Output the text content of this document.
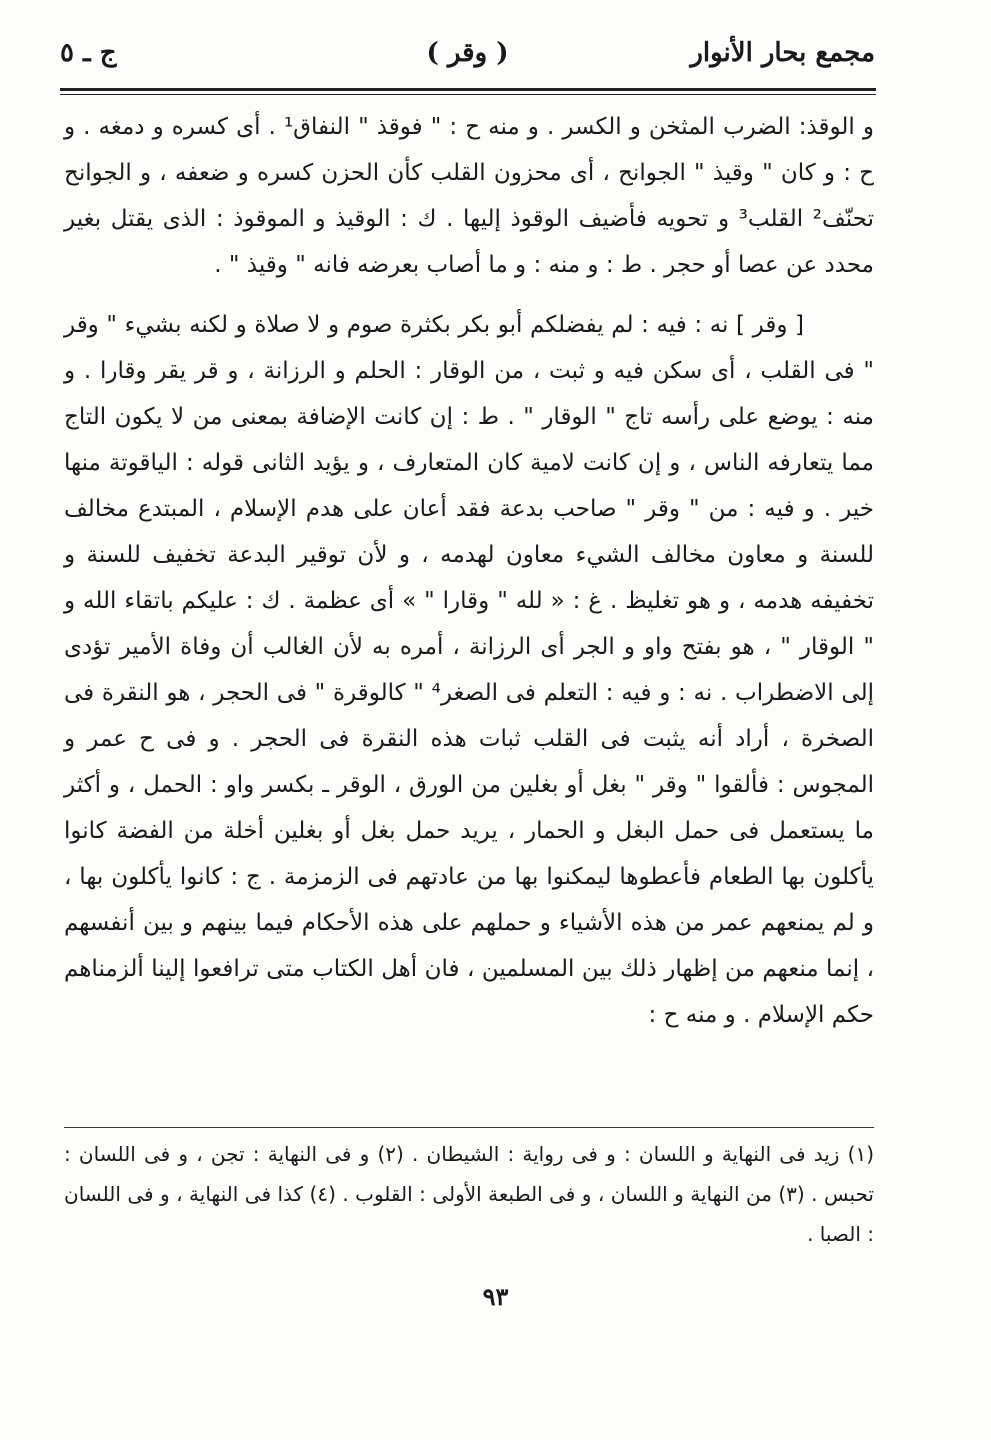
مجمع بحار الأنوار
( وقر )
ج ـ ٥

و الوقذ: الضرب المثخن و الكسر . و منه ح : " فوقذ " النفاق¹ . أى كسره و دمغه . و ح : و كان " وقيذ " الجوانح ، أى محزون القلب كأن الحزن كسره و ضعفه ، و الجوانح تحنّف² القلب³ و تحويه فأضيف الوقوذ إليها . ك : الوقيذ و الموقوذ : الذى يقتل بغير محدد عن عصا أو حجر . ط : و منه : و ما أصاب بعرضه فانه " وقيذ " .

[ وقر ] نه : فيه : لم يفضلكم أبو بكر بكثرة صوم و لا صلاة و لكنه بشيء " وقر " فى القلب ، أى سكن فيه و ثبت ، من الوقار : الحلم و الرزانة ، و قر يقر وقارا . و منه : يوضع على رأسه تاج " الوقار " . ط : إن كانت الإضافة بمعنى من لا يكون التاج مما يتعارفه الناس ، و إن كانت لامية كان المتعارف ، و يؤيد الثانى قوله : الياقوتة منها خير . و فيه : من " وقر " صاحب بدعة فقد أعان على هدم الإسلام ، المبتدع مخالف للسنة و معاون مخالف الشيء معاون لهدمه ، و لأن توقير البدعة تخفيف للسنة و تخفيفه هدمه ، و هو تغليظ . غ : « لله " وقارا " » أى عظمة . ك : عليكم باتقاء الله و " الوقار " ، هو بفتح واو و الجر أى الرزانة ، أمره به لأن الغالب أن وفاة الأمير تؤدى إلى الاضطراب . نه : و فيه : التعلم فى الصغر⁴ " كالوقرة " فى الحجر ، هو النقرة فى الصخرة ، أراد أنه يثبت فى القلب ثبات هذه النقرة فى الحجر . و فى ح عمر و المجوس : فألقوا " وقر " بغل أو بغلين من الورق ، الوقر ـ بكسر واو : الحمل ، و أكثر ما يستعمل فى حمل البغل و الحمار ، يريد حمل بغل أو بغلين أخلة من الفضة كانوا يأكلون بها الطعام فأعطوها ليمكنوا بها من عادتهم فى الزمزمة . ج : كانوا يأكلون بها ، و لم يمنعهم عمر من هذه الأشياء و حملهم على هذه الأحكام فيما بينهم و بين أنفسهم ، إنما منعهم من إظهار ذلك بين المسلمين ، فان أهل الكتاب متى ترافعوا إلينا ألزمناهم حكم الإسلام . و منه ح :

(١) زيد فى النهاية و اللسان : و فى رواية : الشيطان . (٢) و فى النهاية : تجن ، و فى اللسان : تحبس . (٣) من النهاية و اللسان ، و فى الطبعة الأولى : القلوب . (٤) كذا فى النهاية ، و فى اللسان : الصبا .
٩٣
